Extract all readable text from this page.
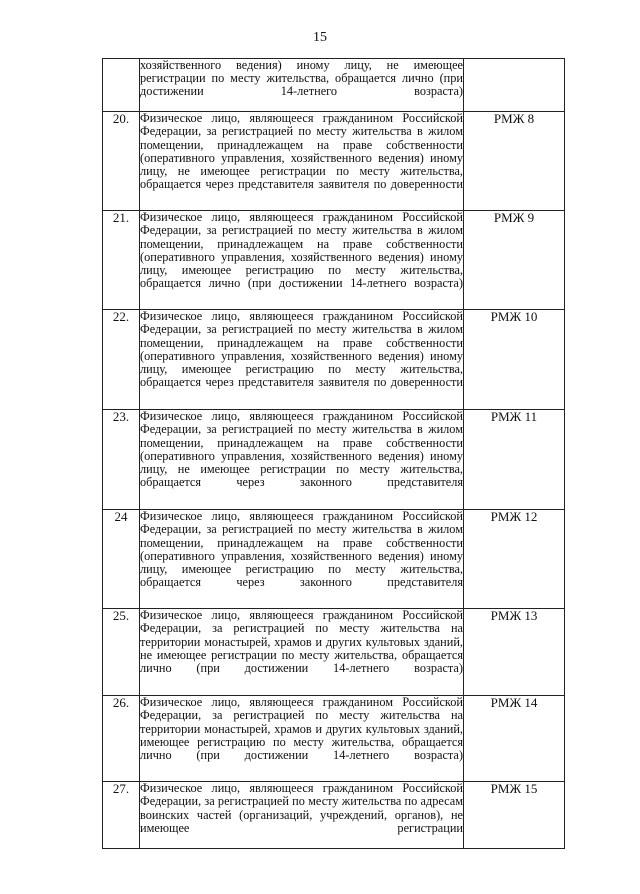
15

	хозяйственного ведения) иному лицу, не имеющее регистрации по месту жительства, обращается лично (при достижении 14-летнего возраста)	

20.	Физическое лицо, являющееся гражданином Российской Федерации, за регистрацией по месту жительства в жилом помещении, принадлежащем на праве собственности (оперативного управления, хозяйственного ведения) иному лицу, не имеющее регистрации по месту жительства, обращается через представителя заявителя по доверенности	РМЖ 8
21.	Физическое лицо, являющееся гражданином Российской Федерации, за регистрацией по месту жительства в жилом помещении, принадлежащем на праве собственности (оперативного управления, хозяйственного ведения) иному лицу, имеющее регистрацию по месту жительства, обращается лично (при достижении 14-летнего возраста)	РМЖ 9
22.	Физическое лицо, являющееся гражданином Российской Федерации, за регистрацией по месту жительства в жилом помещении, принадлежащем на праве собственности (оперативного управления, хозяйственного ведения) иному лицу, имеющее регистрацию по месту жительства, обращается через представителя заявителя по доверенности	РМЖ 10
23.	Физическое лицо, являющееся гражданином Российской Федерации, за регистрацией по месту жительства в жилом помещении, принадлежащем на праве собственности (оперативного управления, хозяйственного ведения) иному лицу, не имеющее регистрации по месту жительства, обращается через законного представителя	РМЖ 11
24	Физическое лицо, являющееся гражданином Российской Федерации, за регистрацией по месту жительства в жилом помещении, принадлежащем на праве собственности (оперативного управления, хозяйственного ведения) иному лицу, имеющее регистрацию по месту жительства, обращается через законного представителя	РМЖ 12
25.	Физическое лицо, являющееся гражданином Российской Федерации, за регистрацией по месту жительства на территории монастырей, храмов и других культовых зданий, не имеющее регистрации по месту жительства, обращается лично (при достижении 14-летнего возраста)	РМЖ 13
26.	Физическое лицо, являющееся гражданином Российской Федерации, за регистрацией по месту жительства на территории монастырей, храмов и других культовых зданий, имеющее регистрацию по месту жительства, обращается лично (при достижении 14-летнего возраста)	РМЖ 14
27.	Физическое лицо, являющееся гражданином Российской Федерации, за регистрацией по месту жительства по адресам воинских частей (организаций, учреждений, органов), не имеющее регистрации	РМЖ 15
